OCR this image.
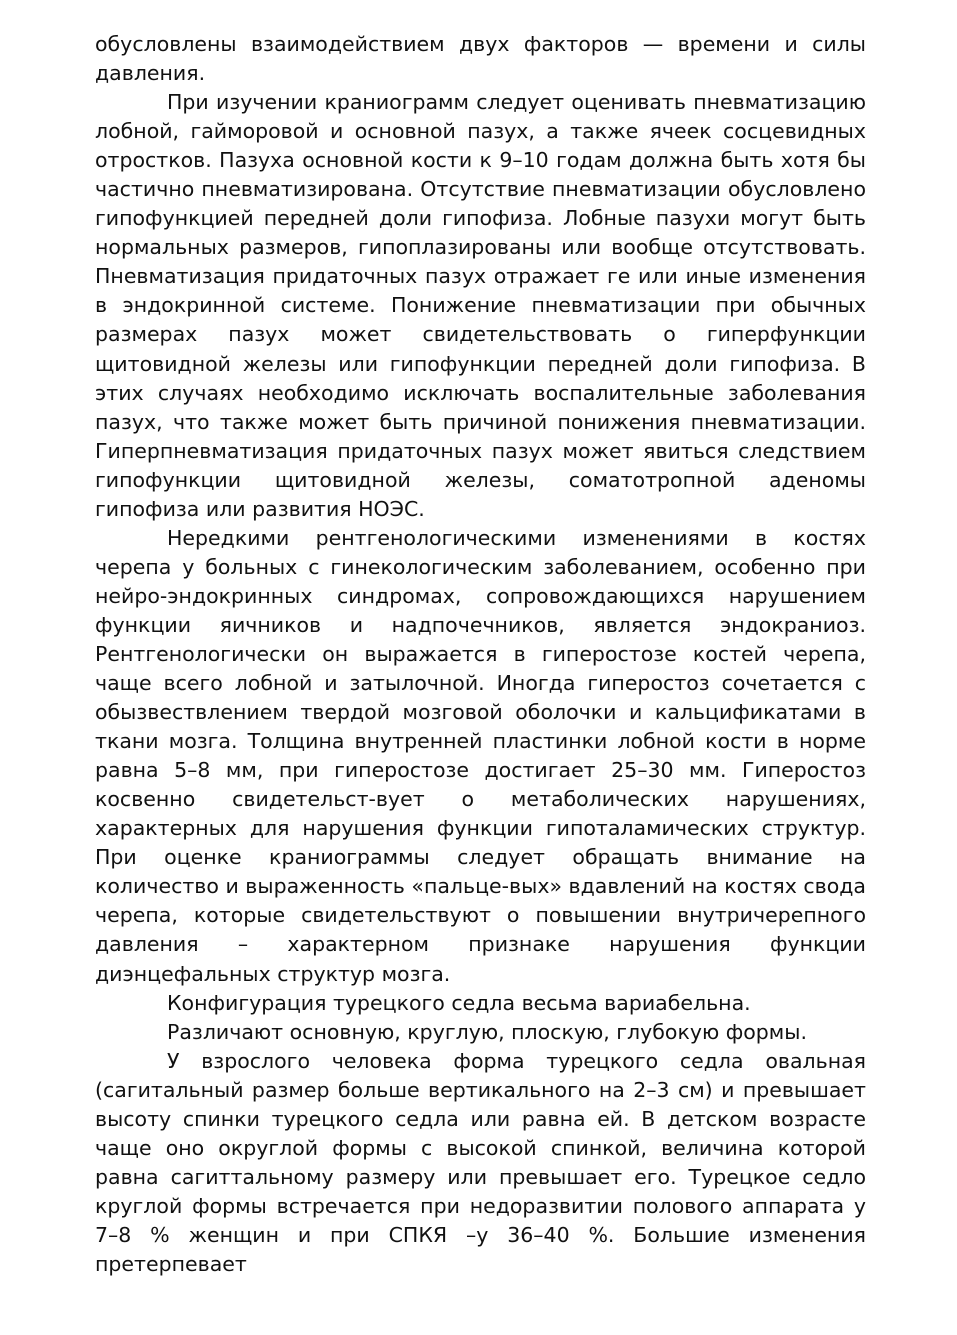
обусловлены взаимодействием двух факторов — времени и силы давления.

При изучении краниограмм следует оценивать пневматизацию лобной, гайморовой и основной пазух, а также ячеек сосцевидных отростков. Пазуха основной кости к 9–10 годам должна быть хотя бы частично пневматизирована. Отсутствие пневматизации обусловлено гипофункцией передней доли гипофиза. Лобные пазухи могут быть нормальных размеров, гипоплазированы или вообще отсутствовать. Пневматизация придаточных пазух отражает ге или иные изменения в эндокринной системе. Понижение пневматизации при обычных размерах пазух может свидетельствовать о гиперфункции щитовидной железы или гипофункции передней доли гипофиза. В этих случаях необходимо исключать воспалительные заболевания пазух, что также может быть причиной понижения пневматизации. Гиперпневматизация придаточных пазух может явиться следствием гипофункции щитовидной железы, соматотропной аденомы гипофиза или развития НОЭС.

Нередкими рентгенологическими изменениями в костях черепа у больных с гинекологическим заболеванием, особенно при нейро-эндокринных синдромах, сопровождающихся нарушением функции яичников и надпочечников, является эндокраниоз. Рентгенологически он выражается в гиперостозе костей черепа, чаще всего лобной и затылочной. Иногда гиперостоз сочетается с обызвествлением твердой мозговой оболочки и кальцификатами в ткани мозга. Толщина внутренней пластинки лобной кости в норме равна 5–8 мм, при гиперостозе достигает 25–30 мм. Гиперостоз косвенно свидетельст-вует о метаболических нарушениях, характерных для нарушения функции гипоталамических структур. При оценке краниограммы следует обращать внимание на количество и выраженность «пальце-вых» вдавлений на костях свода черепа, которые свидетельствуют о повышении внутричерепного давления – характерном признаке нарушения функции диэнцефальных структур мозга.

Конфигурация турецкого седла весьма вариабельна.

Различают основную, круглую, плоскую, глубокую формы.

У взрослого человека форма турецкого седла овальная (сагитальный размер больше вертикального на 2–3 см) и превышает высоту спинки турецкого седла или равна ей. В детском возрасте чаще оно округлой формы с высокой спинкой, величина которой равна сагиттальному размеру или превышает его. Турецкое седло круглой формы встречается при недоразвитии полового аппарата у 7–8 % женщин и при СПКЯ –у 36–40 %. Большие изменения претерпевает
